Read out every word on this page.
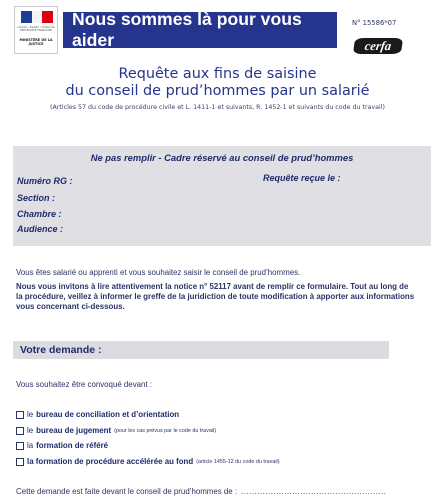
Liberté • Égalité • Fraternité RÉPUBLIQUE FRANÇAISE
MINISTÈRE DE LA JUSTICE
Nous sommes là pour vous aider
N° 15586*07
cerfa
Requête aux fins de saisine
du conseil de prud’hommes par un salarié
(Articles 57 du code de procédure civile et L. 1411-1 et suivants, R. 1452-1 et suivants du code du travail)
Ne pas remplir - Cadre réservé au conseil de prud’hommes
Numéro RG :	Requête reçue le :
Section :
Chambre :
Audience :
Vous êtes salarié ou apprenti et vous souhaitez saisir le conseil de prud’hommes.
Nous vous invitons à lire attentivement la notice n° 52117 avant de remplir ce formulaire. Tout au long de la procédure, veillez à informer le greffe de la juridiction de toute modification à apporter aux informations vous concernant ci-dessous.
Votre demande :
Vous souhaitez être convoqué devant :
le bureau de conciliation et d’orientation
le bureau de jugement (pour les cas prévus par le code du travail)
la formation de référé
la formation de procédure accélérée au fond (article 1455-12 du code du travail)
Cette demande est faite devant le conseil de prud’hommes de : ......................................................
